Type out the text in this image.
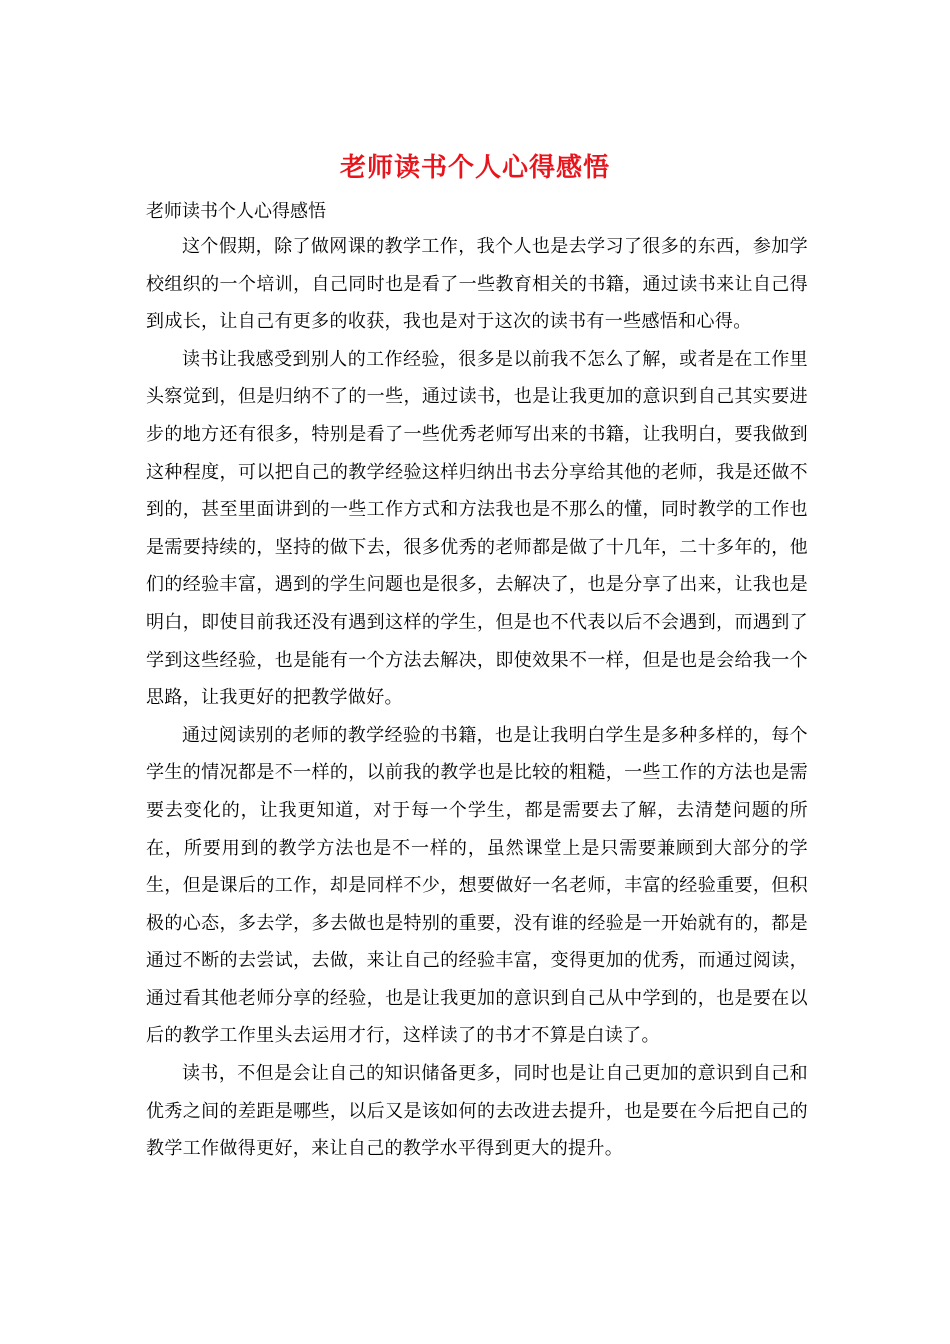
老师读书个人心得感悟

老师读书个人心得感悟

这个假期，除了做网课的教学工作，我个人也是去学习了很多的东西，参加学校组织的一个培训，自己同时也是看了一些教育相关的书籍，通过读书来让自己得到成长，让自己有更多的收获，我也是对于这次的读书有一些感悟和心得。

读书让我感受到别人的工作经验，很多是以前我不怎么了解，或者是在工作里头察觉到，但是归纳不了的一些，通过读书，也是让我更加的意识到自己其实要进步的地方还有很多，特别是看了一些优秀老师写出来的书籍，让我明白，要我做到这种程度，可以把自己的教学经验这样归纳出书去分享给其他的老师，我是还做不到的，甚至里面讲到的一些工作方式和方法我也是不那么的懂，同时教学的工作也是需要持续的，坚持的做下去，很多优秀的老师都是做了十几年，二十多年的，他们的经验丰富，遇到的学生问题也是很多，去解决了，也是分享了出来，让我也是明白，即使目前我还没有遇到这样的学生，但是也不代表以后不会遇到，而遇到了学到这些经验，也是能有一个方法去解决，即使效果不一样，但是也是会给我一个思路，让我更好的把教学做好。

通过阅读别的老师的教学经验的书籍，也是让我明白学生是多种多样的，每个学生的情况都是不一样的，以前我的教学也是比较的粗糙，一些工作的方法也是需要去变化的，让我更知道，对于每一个学生，都是需要去了解，去清楚问题的所在，所要用到的教学方法也是不一样的，虽然课堂上是只需要兼顾到大部分的学生，但是课后的工作，却是同样不少，想要做好一名老师，丰富的经验重要，但积极的心态，多去学，多去做也是特别的重要，没有谁的经验是一开始就有的，都是通过不断的去尝试，去做，来让自己的经验丰富，变得更加的优秀，而通过阅读，通过看其他老师分享的经验，也是让我更加的意识到自己从中学到的，也是要在以后的教学工作里头去运用才行，这样读了的书才不算是白读了。

读书，不但是会让自己的知识储备更多，同时也是让自己更加的意识到自己和优秀之间的差距是哪些，以后又是该如何的去改进去提升，也是要在今后把自己的教学工作做得更好，来让自己的教学水平得到更大的提升。
